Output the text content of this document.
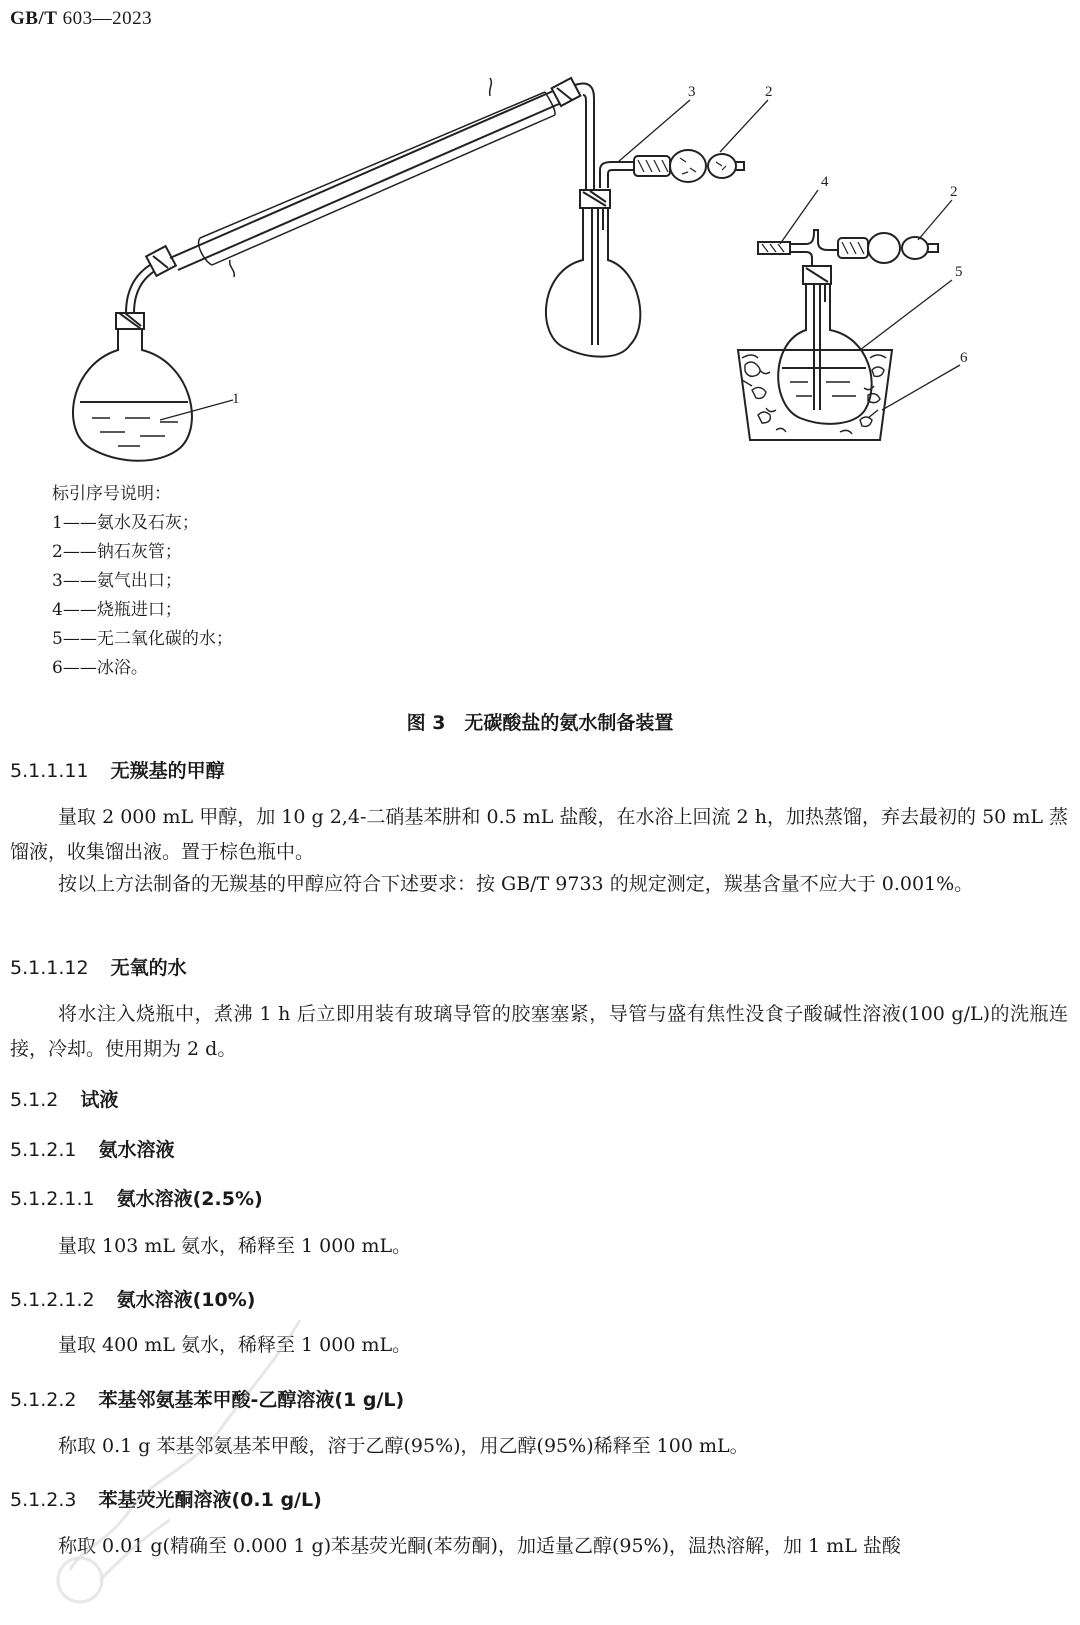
GB/T 603—2023
1
2
3
2
4
5
6
标引序号说明：
1——氨水及石灰；
2——钠石灰管；
3——氨气出口；
4——烧瓶进口；
5——无二氧化碳的水；
6——冰浴。
图 3　无碳酸盐的氨水制备装置
5.1.1.11 无羰基的甲醇
量取 2 000 mL 甲醇，加 10 g 2,4-二硝基苯肼和 0.5 mL 盐酸，在水浴上回流 2 h，加热蒸馏，弃去最初的 50 mL 蒸馏液，收集馏出液。置于棕色瓶中。
按以上方法制备的无羰基的甲醇应符合下述要求：按 GB/T 9733 的规定测定，羰基含量不应大于 0.001%。
5.1.1.12 无氧的水
将水注入烧瓶中，煮沸 1 h 后立即用装有玻璃导管的胶塞塞紧，导管与盛有焦性没食子酸碱性溶液(100 g/L)的洗瓶连接，冷却。使用期为 2 d。
5.1.2 试液
5.1.2.1 氨水溶液
5.1.2.1.1 氨水溶液(2.5%)
量取 103 mL 氨水，稀释至 1 000 mL。
5.1.2.1.2 氨水溶液(10%)
量取 400 mL 氨水，稀释至 1 000 mL。
5.1.2.2 苯基邻氨基苯甲酸-乙醇溶液(1 g/L)
称取 0.1 g 苯基邻氨基苯甲酸，溶于乙醇(95%)，用乙醇(95%)稀释至 100 mL。
5.1.2.3 苯基荧光酮溶液(0.1 g/L)
称取 0.01 g(精确至 0.000 1 g)苯基荧光酮(苯芴酮)，加适量乙醇(95%)，温热溶解，加 1 mL 盐酸
